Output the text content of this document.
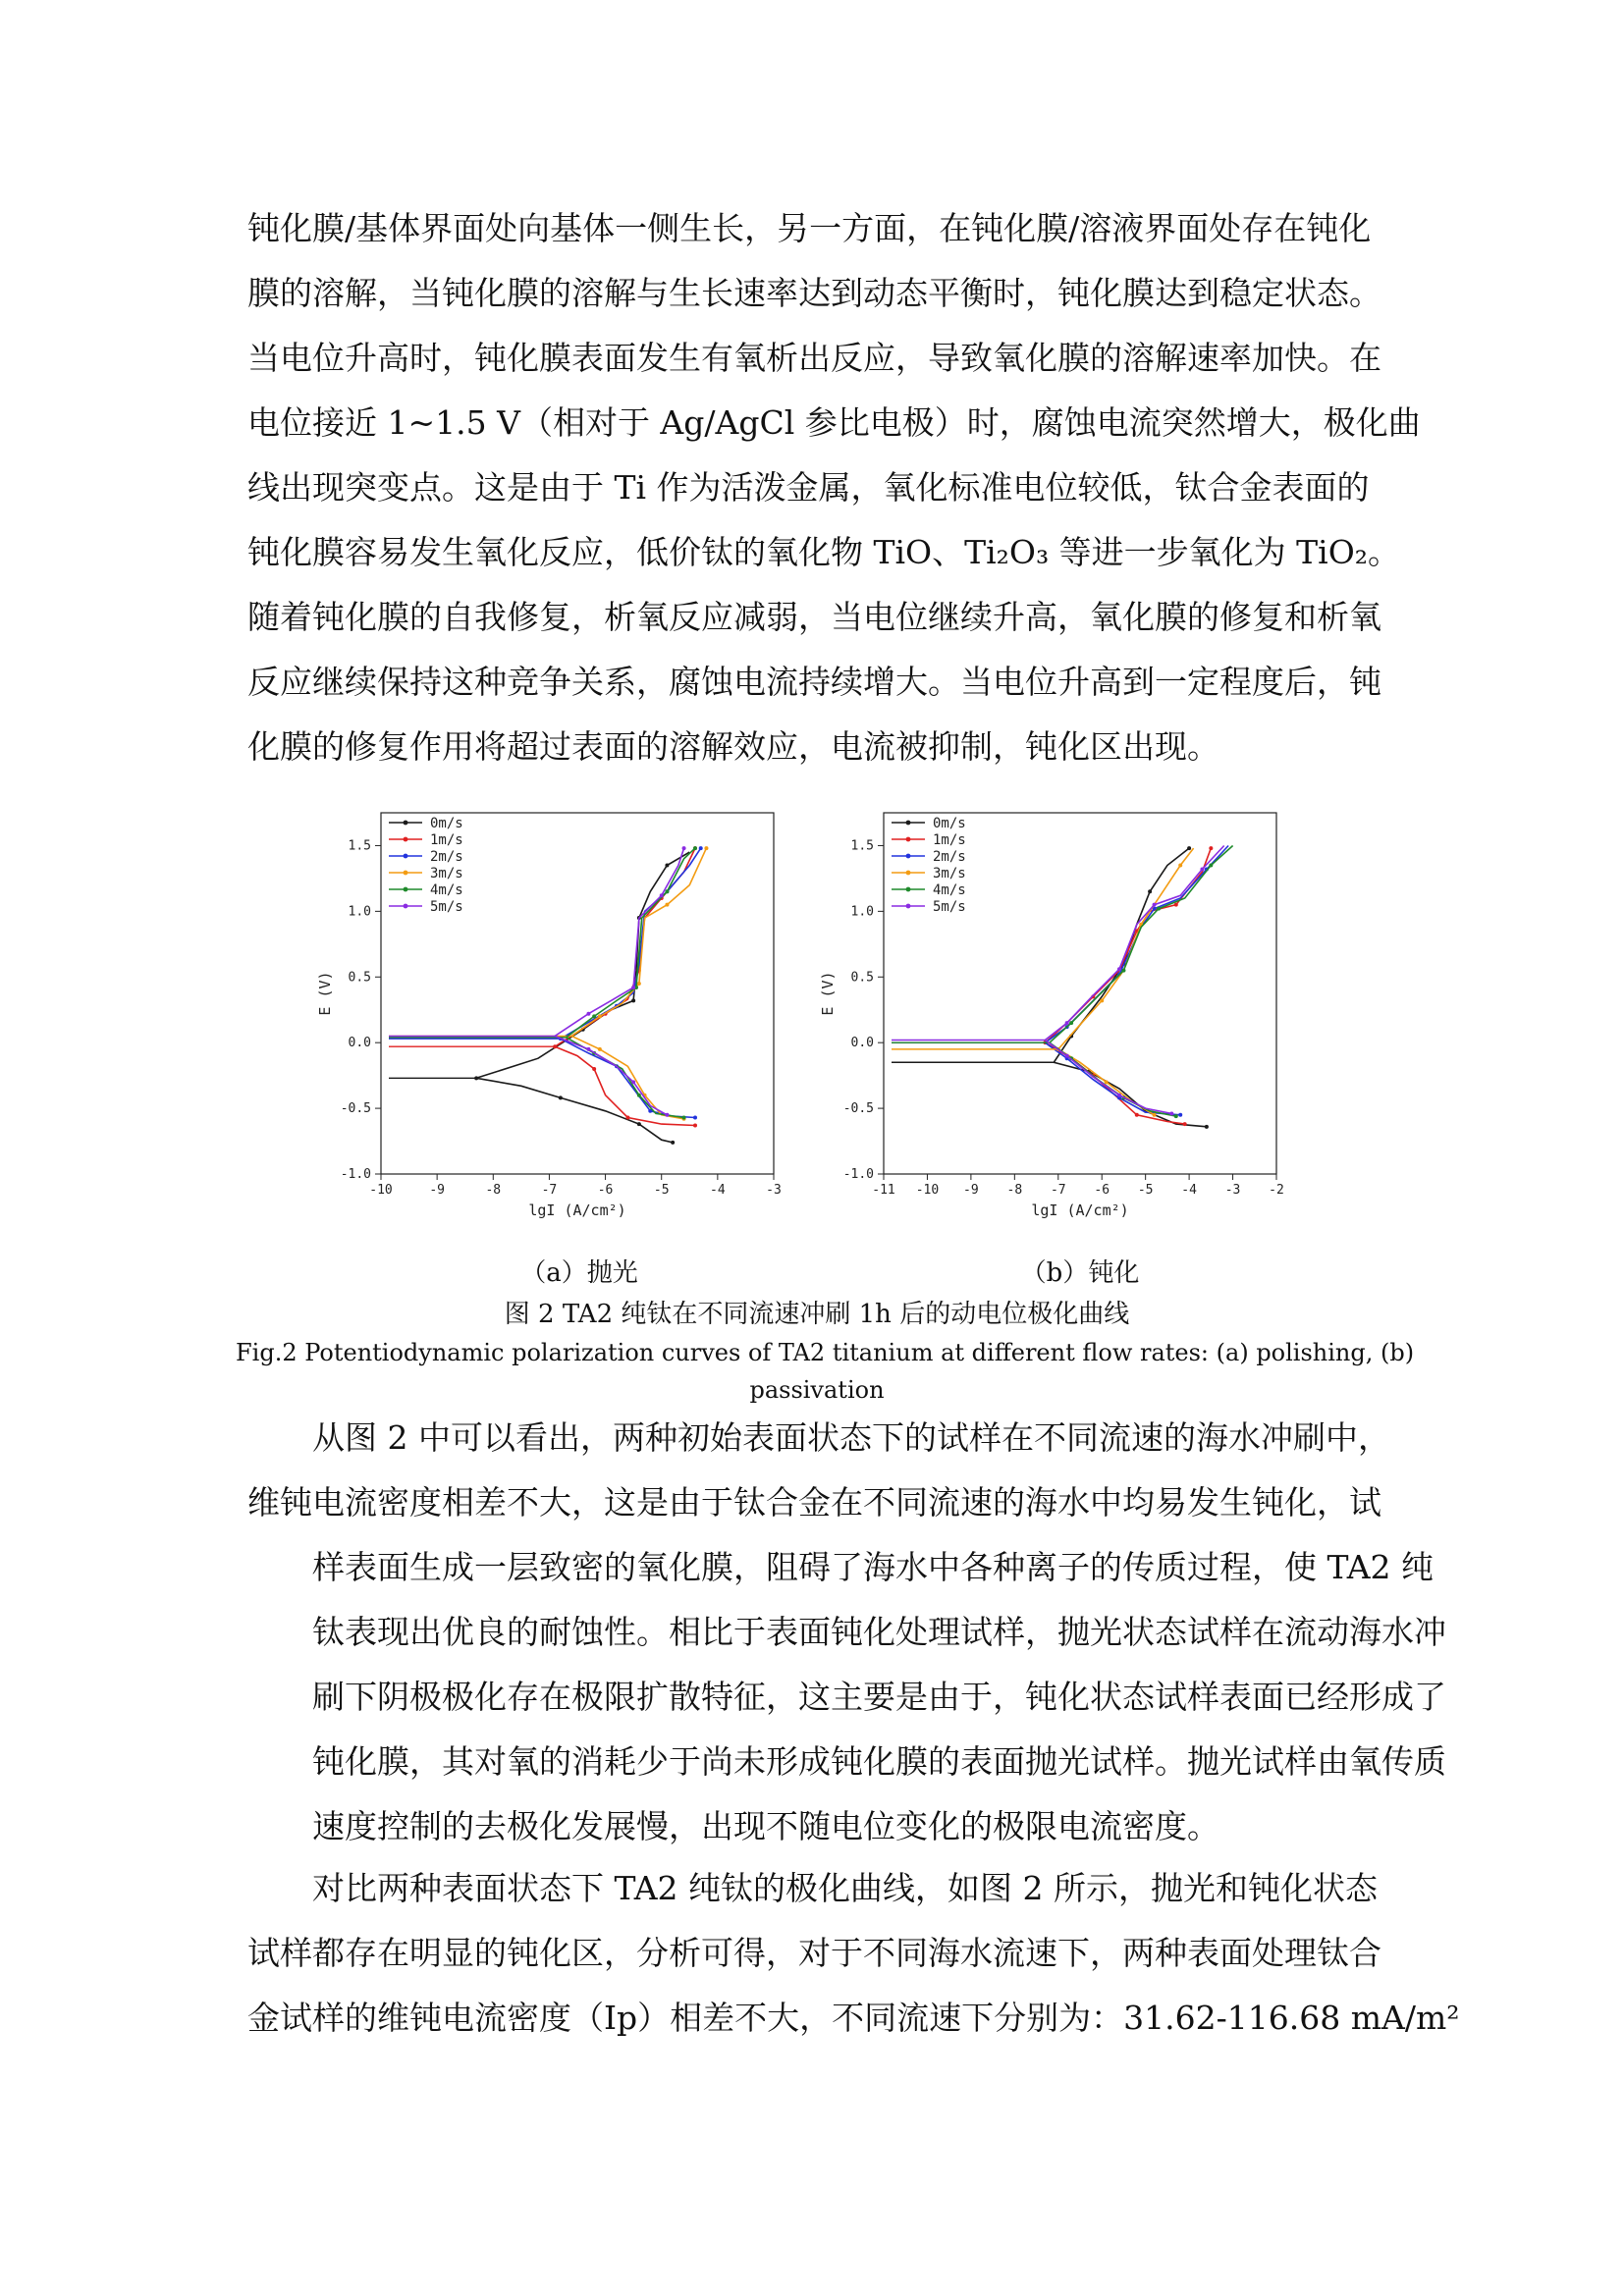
钝化膜/基体界面处向基体一侧生长，另一方面，在钝化膜/溶液界面处存在钝化
膜的溶解，当钝化膜的溶解与生长速率达到动态平衡时，钝化膜达到稳定状态。
当电位升高时，钝化膜表面发生有氧析出反应，导致氧化膜的溶解速率加快。在
电位接近 1~1.5 V（相对于 Ag/AgCl 参比电极）时，腐蚀电流突然增大，极化曲
线出现突变点。这是由于 Ti 作为活泼金属，氧化标准电位较低，钛合金表面的
钝化膜容易发生氧化反应，低价钛的氧化物 TiO、Ti₂O₃ 等进一步氧化为 TiO₂。
随着钝化膜的自我修复，析氧反应减弱，当电位继续升高，氧化膜的修复和析氧
反应继续保持这种竞争关系，腐蚀电流持续增大。当电位升高到一定程度后，钝
化膜的修复作用将超过表面的溶解效应，电流被抑制，钝化区出现。
-10	-9	-8	-7	-6	-5	-4	-3
-1.0
-0.5
0.0
0.5
1.0
1.5
lgI (A/cm²)
E (V)
0m/s
1m/s
2m/s
3m/s
4m/s
5m/s
-11 -10 -9 -8 -7 -6 -5 -4 -3 -2
-1.0
-0.5
0.0
0.5
1.0
1.5
lgI (A/cm²)
E (V)
0m/s
1m/s
2m/s
3m/s
4m/s
5m/s
（a）抛光	（b）钝化
图 2 TA2 纯钛在不同流速冲刷 1h 后的动电位极化曲线
Fig.2 Potentiodynamic polarization curves of TA2 titanium at different flow rates: (a) polishing, (b)
passivation
从图 2 中可以看出，两种初始表面状态下的试样在不同流速的海水冲刷中，
维钝电流密度相差不大，这是由于钛合金在不同流速的海水中均易发生钝化，试
样表面生成一层致密的氧化膜，阻碍了海水中各种离子的传质过程，使 TA2 纯
钛表现出优良的耐蚀性。相比于表面钝化处理试样，抛光状态试样在流动海水冲
刷下阴极极化存在极限扩散特征，这主要是由于，钝化状态试样表面已经形成了
钝化膜，其对氧的消耗少于尚未形成钝化膜的表面抛光试样。抛光试样由氧传质
速度控制的去极化发展慢，出现不随电位变化的极限电流密度。
对比两种表面状态下 TA2 纯钛的极化曲线，如图 2 所示，抛光和钝化状态
试样都存在明显的钝化区，分析可得，对于不同海水流速下，两种表面处理钛合
金试样的维钝电流密度（Ip）相差不大，不同流速下分别为：31.62-116.68 mA/m²
